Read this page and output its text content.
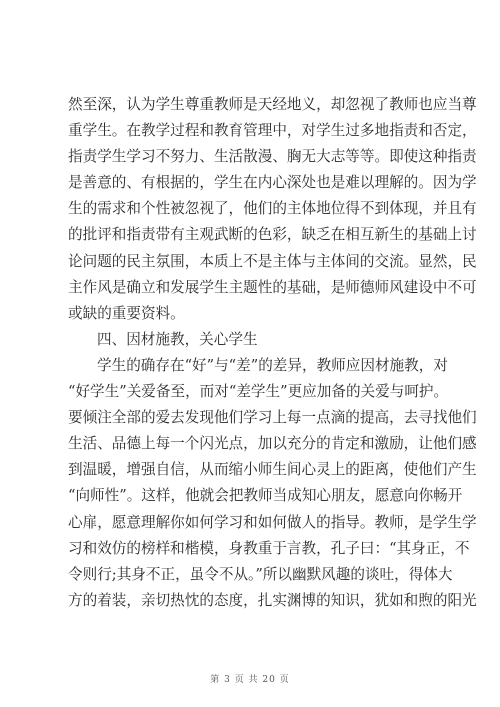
然至深，认为学生尊重教师是天经地义，却忽视了教师也应当尊
重学生。在教学过程和教育管理中，对学生过多地指责和否定，
指责学生学习不努力、生活散漫、胸无大志等等。即使这种指责
是善意的、有根据的，学生在内心深处也是难以理解的。因为学
生的需求和个性被忽视了，他们的主体地位得不到体现，并且有
的批评和指责带有主观武断的色彩，缺乏在相互新生的基础上讨
论问题的民主氛围，本质上不是主体与主体间的交流。显然，民
主作风是确立和发展学生主题性的基础，是师德师风建设中不可
或缺的重要资料。
四、因材施教，关心学生
学生的确存在“好”与“差”的差异，教师应因材施教，对
“好学生”关爱备至，而对“差学生”更应加备的关爱与呵护。
要倾注全部的爱去发现他们学习上每一点滴的提高，去寻找他们
生活、品德上每一个闪光点，加以充分的肯定和激励，让他们感
到温暖，增强自信，从而缩小师生间心灵上的距离，使他们产生
“向师性”。这样，他就会把教师当成知心朋友，愿意向你畅开
心扉，愿意理解你如何学习和如何做人的指导。教师，是学生学
习和效仿的榜样和楷模，身教重于言教，孔子曰：“其身正，不
令则行;其身不正，虽令不从。”所以幽默风趣的谈吐，得体大
方的着装，亲切热忱的态度，扎实渊博的知识，犹如和煦的阳光
第 3 页 共 20 页
